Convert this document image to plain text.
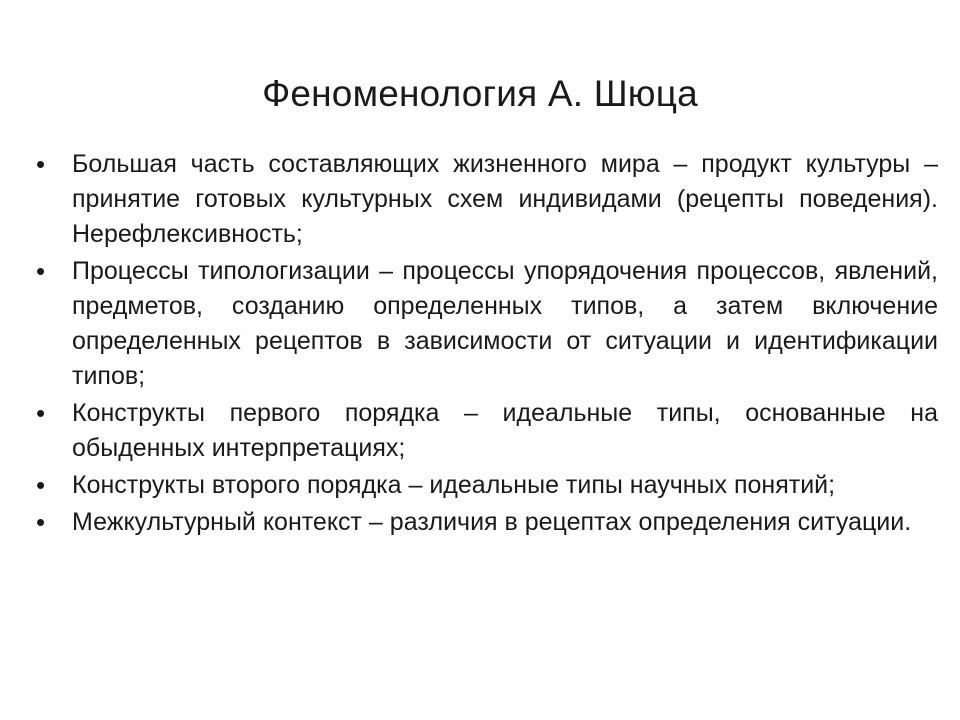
Феноменология А. Шюца
•	Большая часть составляющих жизненного мира – продукт культуры – принятие готовых культурных схем индивидами (рецепты поведения). Нерефлексивность;
•	Процессы типологизации – процессы упорядочения процессов, явлений, предметов, созданию определенных типов, а затем включение определенных рецептов в зависимости от ситуации и идентификации типов;
•	Конструкты первого порядка – идеальные типы, основанные на обыденных интерпретациях;
•	Конструкты второго порядка – идеальные типы научных понятий;
•	Межкультурный контекст – различия в рецептах определения ситуации.
